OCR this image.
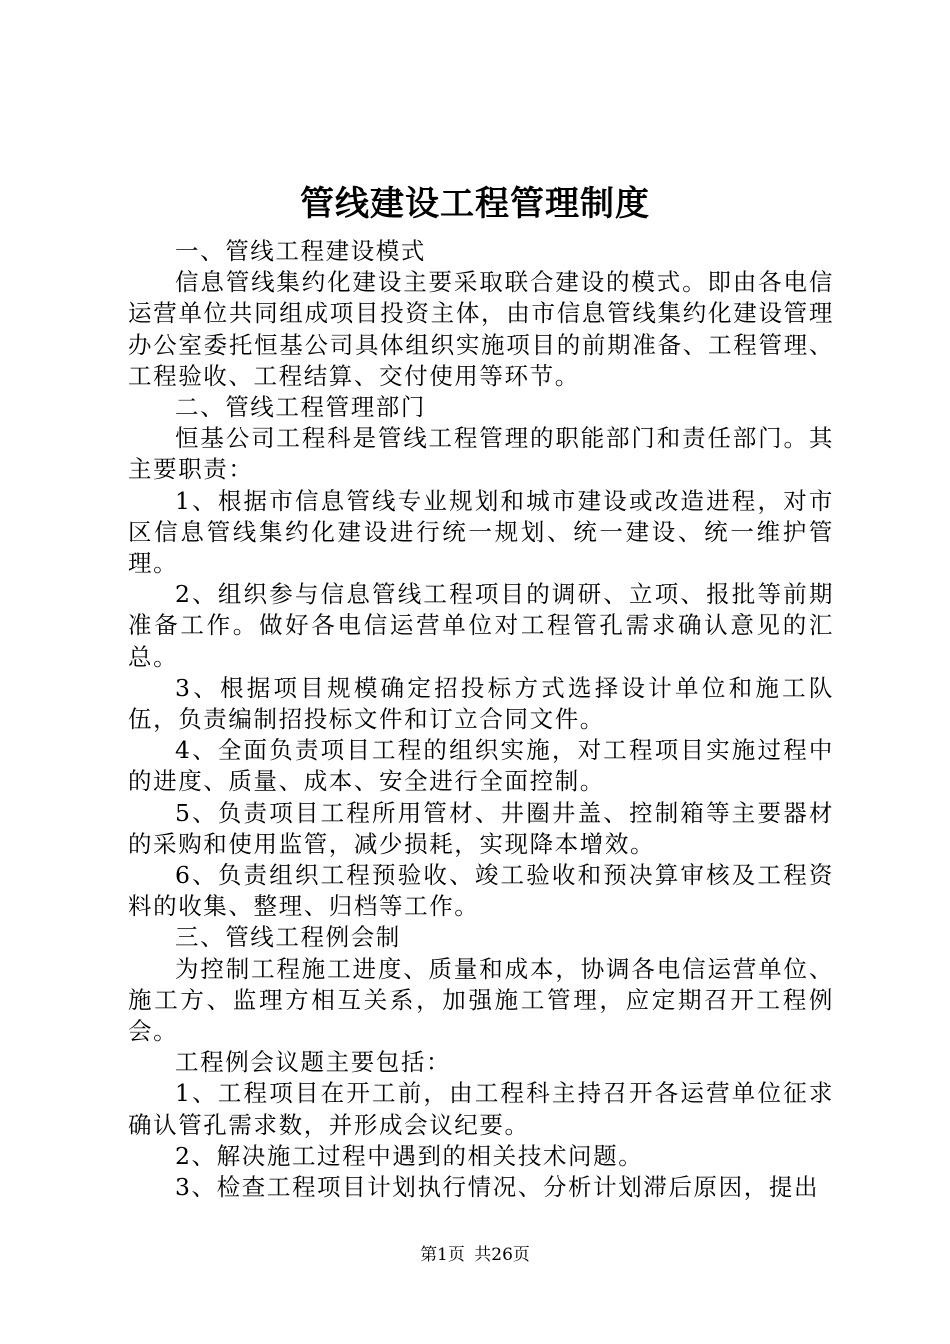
管线建设工程管理制度

一、管线工程建设模式

信息管线集约化建设主要采取联合建设的模式。即由各电信运营单位共同组成项目投资主体，由市信息管线集约化建设管理办公室委托恒基公司具体组织实施项目的前期准备、工程管理、工程验收、工程结算、交付使用等环节。

二、管线工程管理部门

恒基公司工程科是管线工程管理的职能部门和责任部门。其主要职责：

1、根据市信息管线专业规划和城市建设或改造进程，对市区信息管线集约化建设进行统一规划、统一建设、统一维护管理。

2、组织参与信息管线工程项目的调研、立项、报批等前期准备工作。做好各电信运营单位对工程管孔需求确认意见的汇总。

3、根据项目规模确定招投标方式选择设计单位和施工队伍，负责编制招投标文件和订立合同文件。

4、全面负责项目工程的组织实施，对工程项目实施过程中的进度、质量、成本、安全进行全面控制。

5、负责项目工程所用管材、井圈井盖、控制箱等主要器材的采购和使用监管，减少损耗，实现降本增效。

6、负责组织工程预验收、竣工验收和预决算审核及工程资料的收集、整理、归档等工作。

三、管线工程例会制

为控制工程施工进度、质量和成本，协调各电信运营单位、施工方、监理方相互关系，加强施工管理，应定期召开工程例会。

工程例会议题主要包括：

1、工程项目在开工前，由工程科主持召开各运营单位征求确认管孔需求数，并形成会议纪要。

2、解决施工过程中遇到的相关技术问题。

3、检查工程项目计划执行情况、分析计划滞后原因，提出

第1页 共26页
